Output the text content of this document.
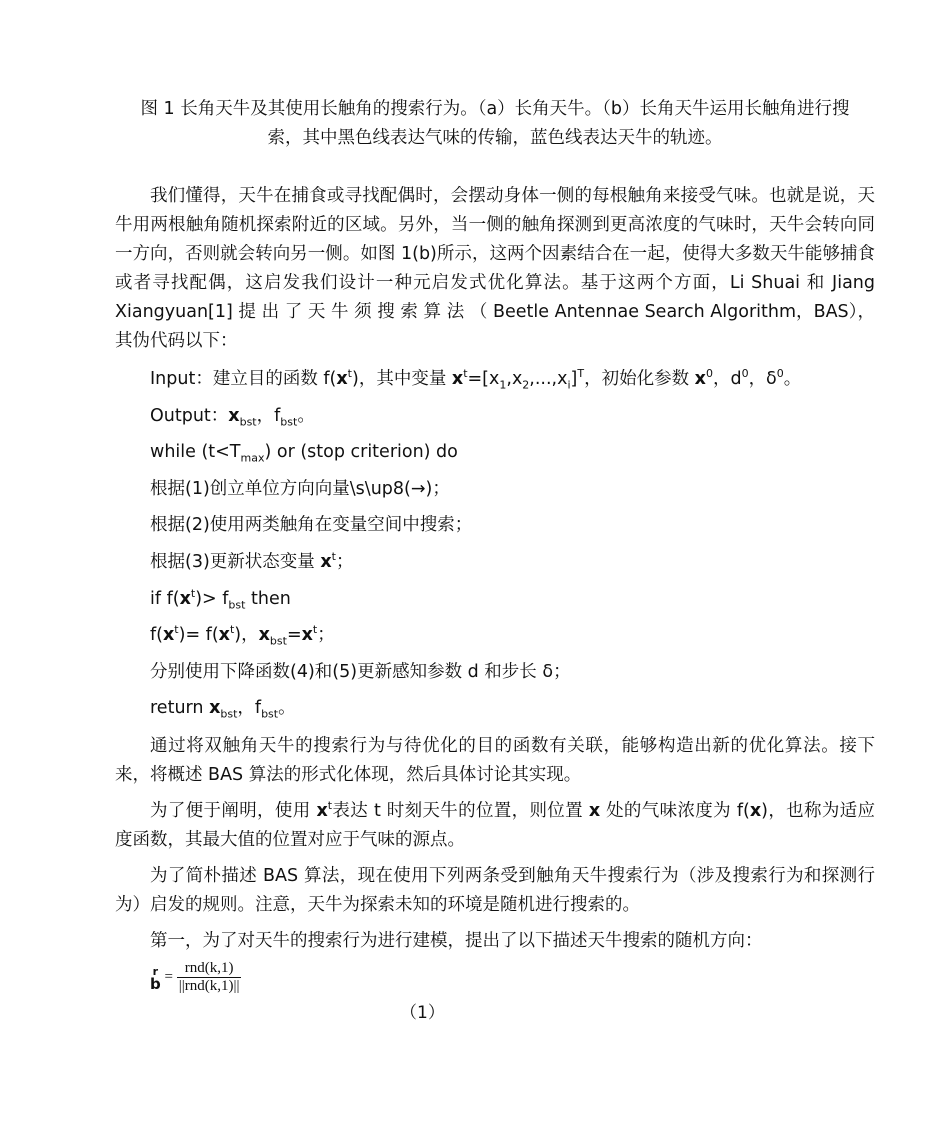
图 1 长角天牛及其使用长触角的搜索行为。（a）长角天牛。（b）长角天牛运用长触角进行搜
索，其中黑色线表达气味的传输，蓝色线表达天牛的轨迹。
我们懂得，天牛在捕食或寻找配偶时，会摆动身体一侧的每根触角来接受气味。也就是说，天牛用两根触角随机探索附近的区域。另外，当一侧的触角探测到更高浓度的气味时，天牛会转向同一方向，否则就会转向另一侧。如图 1(b)所示，这两个因素结合在一起，使得大多数天牛能够捕食或者寻找配偶，这启发我们设计一种元启发式优化算法。基于这两个方面，Li Shuai 和 Jiang Xiangyuan[1] 提 出 了 天 牛 须 搜 索 算 法 （ Beetle Antennae Search Algorithm，BAS），其伪代码以下：
Input：建立目的函数 $f(x^t)$，其中变量 $x^t=[x_1,x_2,...,x_i]^T$，初始化参数 $x^0$，$d^0$，$\delta^0$。
Output：$x_{bst}$，$f_{bst}$。
while $(t<T_{max})$ or (stop criterion) do
根据(1)创立单位方向向量\s\up8(→)；
根据(2)使用两类触角在变量空间中搜索；
根据(3)更新状态变量 $x^t$；
if $f(x^t)> f_{bst}$ then
$f(x^t)= f(x^t)$，$x_{bst}=x^t$；
分别使用下降函数(4)和(5)更新感知参数 d 和步长 δ；
return $x_{bst}$，$f_{bst}$。
通过将双触角天牛的搜索行为与待优化的目的函数有关联，能够构造出新的优化算法。接下来，将概述 BAS 算法的形式化体现，然后具体讨论其实现。
为了便于阐明，使用 $x^t$表达 t 时刻天牛的位置，则位置 x 处的气味浓度为 f(x)，也称为适应度函数，其最大值的位置对应于气味的源点。
为了简朴描述 BAS 算法，现在使用下列两条受到触角天牛搜索行为（涉及搜索行为和探测行为）启发的规则。注意，天牛为探索未知的环境是随机进行搜索的。
第一，为了对天牛的搜索行为进行建模，提出了以下描述天牛搜索的随机方向：
r
$b = \frac{\text{rnd(k,1)}}{\text{||rnd(k,1)||}}$
（1）
